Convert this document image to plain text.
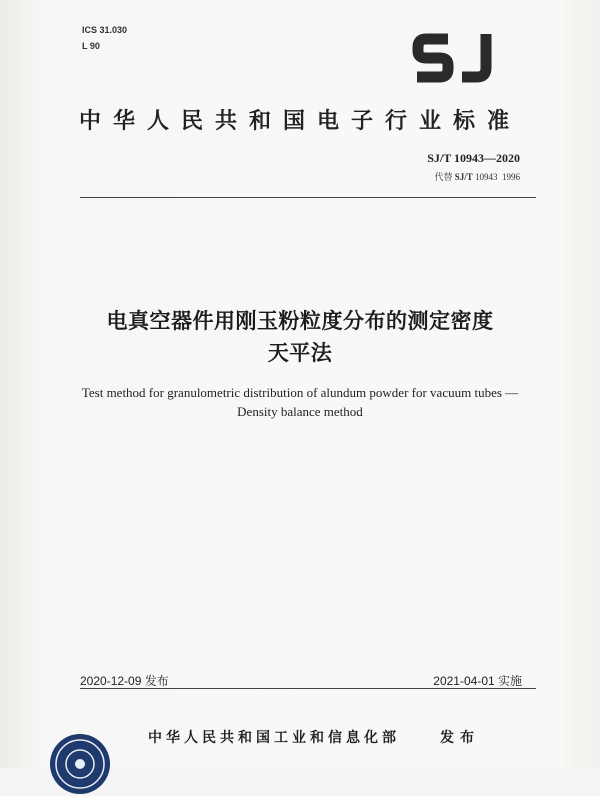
ICS 31.030
L 90
中华人民共和国电子行业标准
SJ/T 10943—2020
代替 SJ/T 10943  1996
电真空器件用刚玉粉粒度分布的测定密度
天平法
Test method for granulometric distribution of alundum powder for vacuum tubes —
Density balance method
2020-12-09 发布	2021-04-01 实施
中华人民共和国工业和信息化部	发布
